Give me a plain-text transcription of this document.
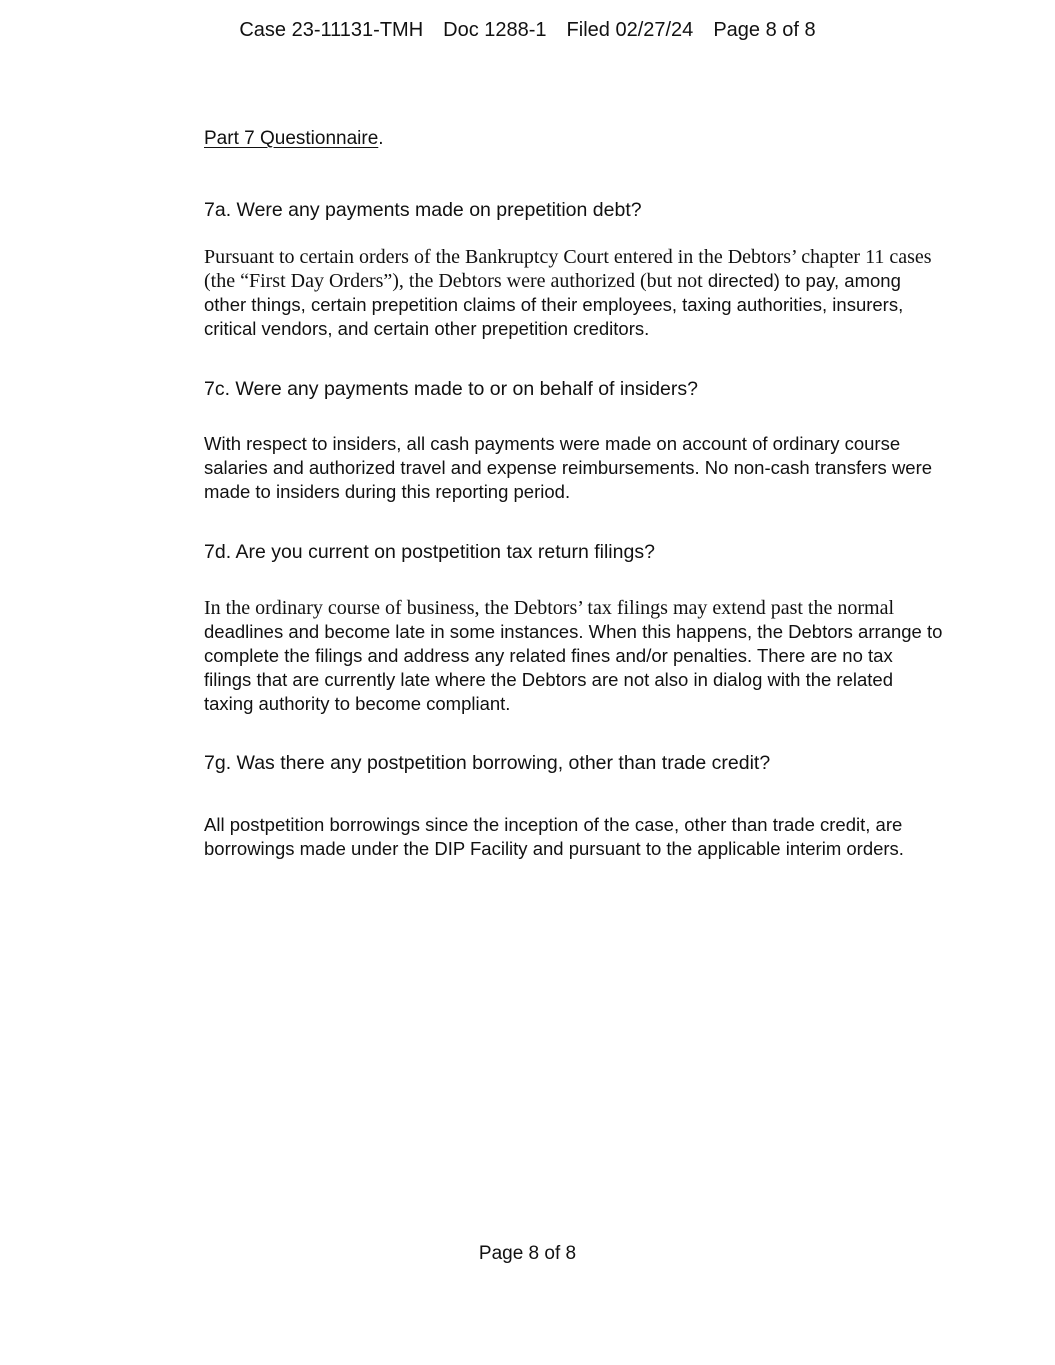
Case 23-11131-TMH Doc 1288-1 Filed 02/27/24 Page 8 of 8
Part 7 Questionnaire.
7a. Were any payments made on prepetition debt?
Pursuant to certain orders of the Bankruptcy Court entered in the Debtors’ chapter 11 cases (the “First Day Orders”), the Debtors were authorized (but not directed) to pay, among other things, certain prepetition claims of their employees, taxing authorities, insurers, critical vendors, and certain other prepetition creditors.
7c. Were any payments made to or on behalf of insiders?
With respect to insiders, all cash payments were made on account of ordinary course salaries and authorized travel and expense reimbursements. No non-cash transfers were made to insiders during this reporting period.
7d. Are you current on postpetition tax return filings?
In the ordinary course of business, the Debtors’ tax filings may extend past the normal deadlines and become late in some instances. When this happens, the Debtors arrange to complete the filings and address any related fines and/or penalties. There are no tax filings that are currently late where the Debtors are not also in dialog with the related taxing authority to become compliant.
7g. Was there any postpetition borrowing, other than trade credit?
All postpetition borrowings since the inception of the case, other than trade credit, are borrowings made under the DIP Facility and pursuant to the applicable interim orders.
Page 8 of 8
